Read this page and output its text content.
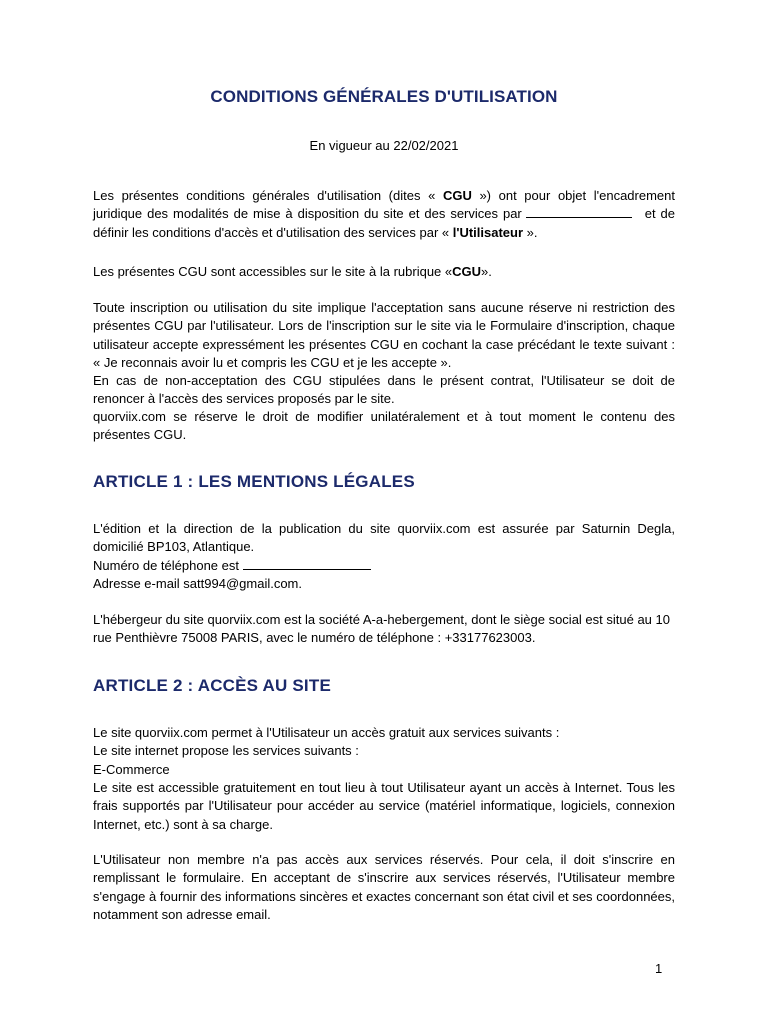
CONDITIONS GÉNÉRALES D'UTILISATION
En vigueur au 22/02/2021
Les présentes conditions générales d'utilisation (dites « CGU ») ont pour objet l'encadrement juridique des modalités de mise à disposition du site et des services par	et de définir les conditions d'accès et d'utilisation des services par « l'Utilisateur ».
Les présentes CGU sont accessibles sur le site à la rubrique «CGU».
Toute inscription ou utilisation du site implique l'acceptation sans aucune réserve ni restriction des présentes CGU par l'utilisateur. Lors de l'inscription sur le site via le Formulaire d'inscription, chaque utilisateur accepte expressément les présentes CGU en cochant la case précédant le texte suivant : « Je reconnais avoir lu et compris les CGU et je les accepte ».
En cas de non-acceptation des CGU stipulées dans le présent contrat, l'Utilisateur se doit de renoncer à l'accès des services proposés par le site.
quorviix.com se réserve le droit de modifier unilatéralement et à tout moment le contenu des présentes CGU.
ARTICLE 1 : LES MENTIONS LÉGALES
L'édition et la direction de la publication du site quorviix.com est assurée par Saturnin Degla, domicilié BP103, Atlantique.
Numéro de téléphone est
Adresse e-mail satt994@gmail.com.
L'hébergeur du site quorviix.com est la société A-a-hebergement, dont le siège social est situé au 10
rue Penthièvre 75008 PARIS, avec le numéro de téléphone : +33177623003.
ARTICLE 2 : ACCÈS AU SITE
Le site quorviix.com permet à l'Utilisateur un accès gratuit aux services suivants :
Le site internet propose les services suivants :
E-Commerce
Le site est accessible gratuitement en tout lieu à tout Utilisateur ayant un accès à Internet. Tous les frais supportés par l'Utilisateur pour accéder au service (matériel informatique, logiciels, connexion Internet, etc.) sont à sa charge.
L'Utilisateur non membre n'a pas accès aux services réservés. Pour cela, il doit s'inscrire en remplissant le formulaire. En acceptant de s'inscrire aux services réservés, l'Utilisateur membre s'engage à fournir des informations sincères et exactes concernant son état civil et ses coordonnées, notamment son adresse email.
1
